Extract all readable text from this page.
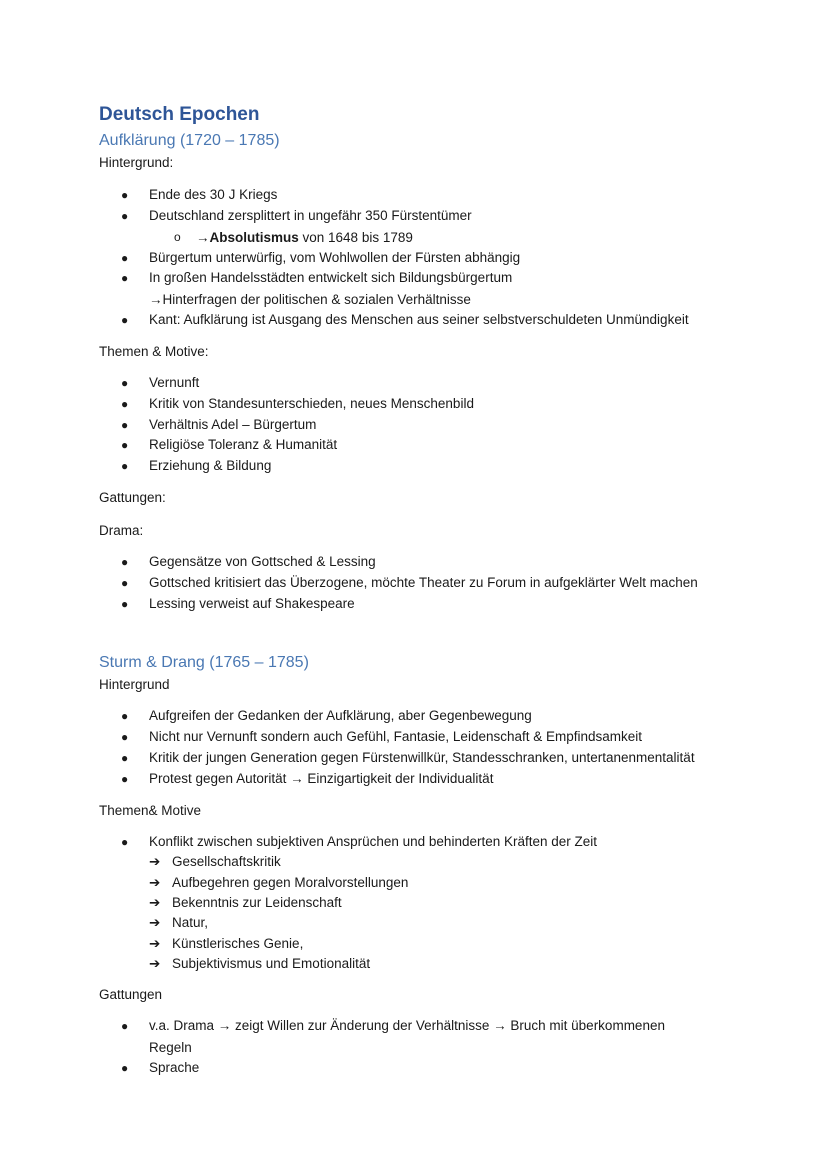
Deutsch Epochen
Aufklärung (1720 – 1785)

Hintergrund:

● Ende des 30 J Kriegs
● Deutschland zersplittert in ungefähr 350 Fürstentümer
o →Absolutismus von 1648 bis 1789
● Bürgertum unterwürfig, vom Wohlwollen der Fürsten abhängig
● In großen Handelsstädten entwickelt sich Bildungsbürgertum
→Hinterfragen der politischen & sozialen Verhältnisse
● Kant: Aufklärung ist Ausgang des Menschen aus seiner selbstverschuldeten Unmündigkeit

Themen & Motive:

● Vernunft
● Kritik von Standesunterschieden, neues Menschenbild
● Verhältnis Adel – Bürgertum
● Religiöse Toleranz & Humanität
● Erziehung & Bildung

Gattungen:

Drama:

● Gegensätze von Gottsched & Lessing
● Gottsched kritisiert das Überzogene, möchte Theater zu Forum in aufgeklärter Welt machen
● Lessing verweist auf Shakespeare
Sturm & Drang (1765 – 1785)

Hintergrund

● Aufgreifen der Gedanken der Aufklärung, aber Gegenbewegung
● Nicht nur Vernunft sondern auch Gefühl, Fantasie, Leidenschaft & Empfindsamkeit
● Kritik der jungen Generation gegen Fürstenwillkür, Standesschranken, untertanenmentalität
● Protest gegen Autorität → Einzigartigkeit der Individualität

Themen& Motive

● Konflikt zwischen subjektiven Ansprüchen und behinderten Kräften der Zeit
➔ Gesellschaftskritik
➔ Aufbegehren gegen Moralvorstellungen
➔ Bekenntnis zur Leidenschaft
➔ Natur,
➔ Künstlerisches Genie,
➔ Subjektivismus und Emotionalität

Gattungen

● v.a. Drama → zeigt Willen zur Änderung der Verhältnisse → Bruch mit überkommenen
Regeln
● Sprache
